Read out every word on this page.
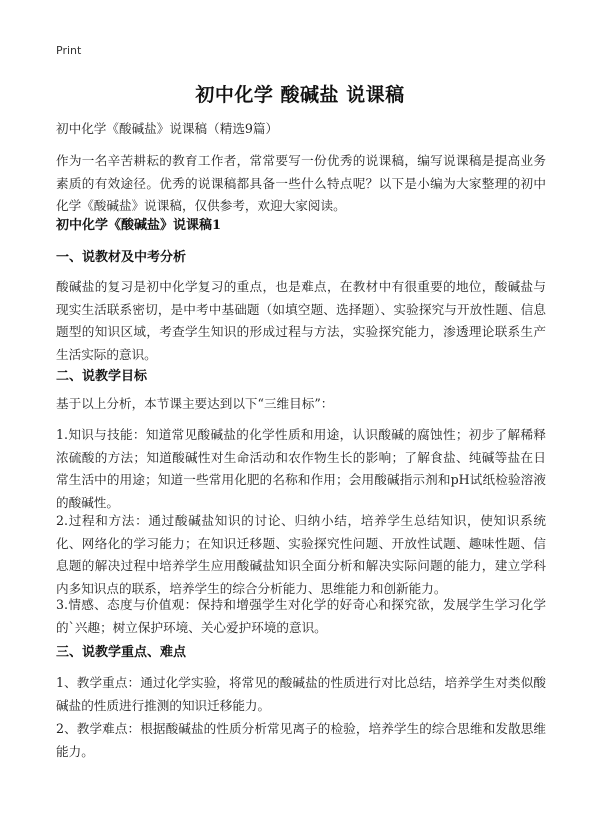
Print
初中化学 酸碱盐 说课稿
初中化学《酸碱盐》说课稿（精选9篇）
作为一名辛苦耕耘的教育工作者，常常要写一份优秀的说课稿，编写说课稿是提高业务素质的有效途径。优秀的说课稿都具备一些什么特点呢？以下是小编为大家整理的初中化学《酸碱盐》说课稿，仅供参考，欢迎大家阅读。
初中化学《酸碱盐》说课稿1
一、说教材及中考分析
酸碱盐的复习是初中化学复习的重点，也是难点，在教材中有很重要的地位，酸碱盐与现实生活联系密切，是中考中基础题（如填空题、选择题）、实验探究与开放性题、信息题型的知识区域，考查学生知识的形成过程与方法，实验探究能力，渗透理论联系生产生活实际的意识。
二、说教学目标
基于以上分析，本节课主要达到以下“三维目标”：
1.知识与技能：知道常见酸碱盐的化学性质和用途，认识酸碱的腐蚀性；初步了解稀释浓硫酸的方法；知道酸碱性对生命活动和农作物生长的影响；了解食盐、纯碱等盐在日常生活中的用途；知道一些常用化肥的名称和作用；会用酸碱指示剂和pH试纸检验溶液的酸碱性。
2.过程和方法：通过酸碱盐知识的讨论、归纳小结，培养学生总结知识，使知识系统化、网络化的学习能力；在知识迁移题、实验探究性问题、开放性试题、趣味性题、信息题的解决过程中培养学生应用酸碱盐知识全面分析和解决实际问题的能力，建立学科内多知识点的联系，培养学生的综合分析能力、思维能力和创新能力。
3.情感、态度与价值观：保持和增强学生对化学的好奇心和探究欲，发展学生学习化学的`兴趣；树立保护环境、关心爱护环境的意识。
三、说教学重点、难点
1、教学重点：通过化学实验，将常见的酸碱盐的性质进行对比总结，培养学生对类似酸碱盐的性质进行推测的知识迁移能力。
2、教学难点：根据酸碱盐的性质分析常见离子的检验，培养学生的综合思维和发散思维能力。
